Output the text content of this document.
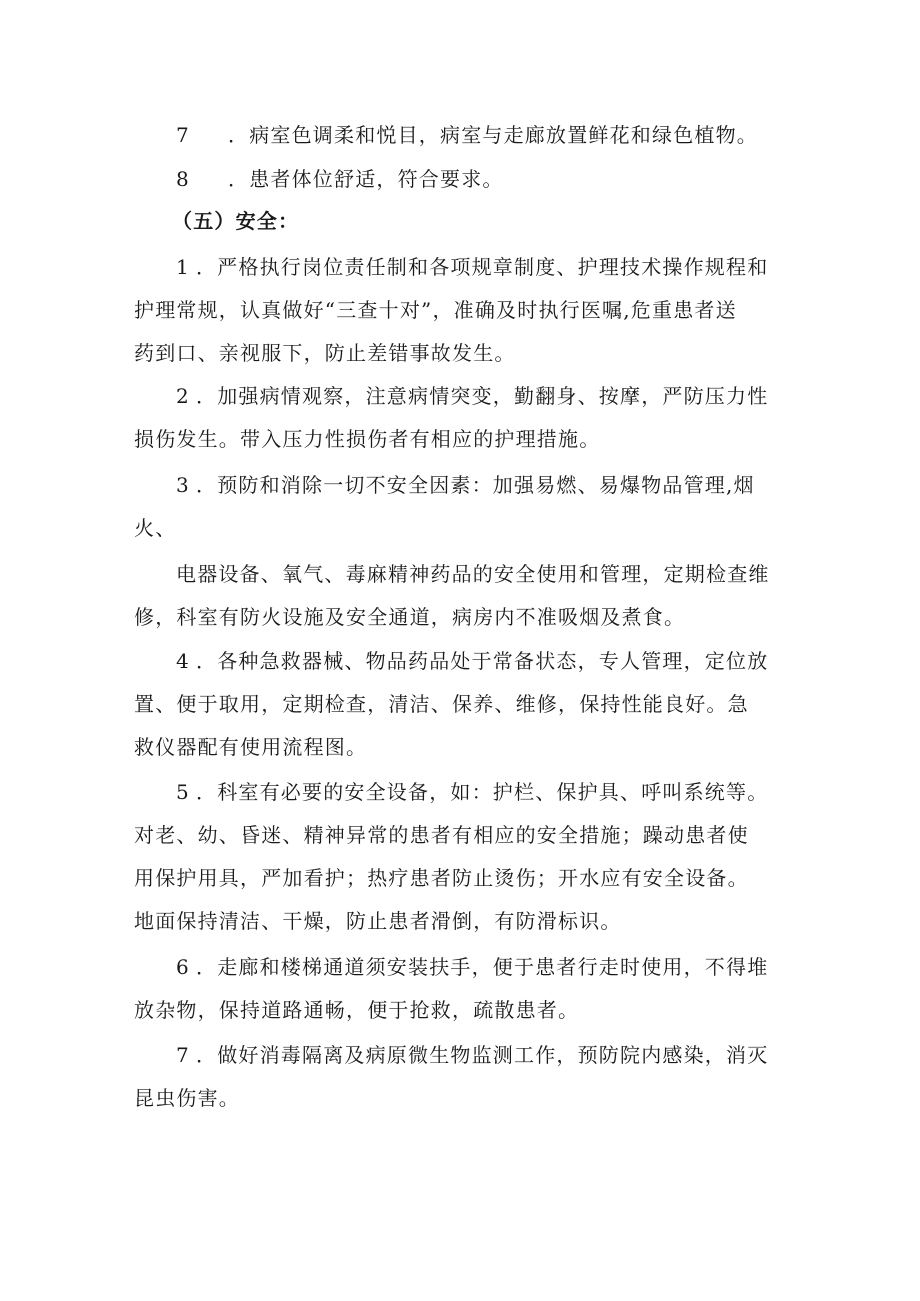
7 ．病室色调柔和悦目，病室与走廊放置鲜花和绿色植物。
8 ．患者体位舒适，符合要求。
（五）安全：
1 ．严格执行岗位责任制和各项规章制度、护理技术操作规程和
护理常规，认真做好“三查十对”，准确及时执行医嘱,危重患者送
药到口、亲视服下，防止差错事故发生。
2 ．加强病情观察，注意病情突变，勤翻身、按摩，严防压力性
损伤发生。带入压力性损伤者有相应的护理措施。
3 ．预防和消除一切不安全因素：加强易燃、易爆物品管理,烟
火、
电器设备、氧气、毒麻精神药品的安全使用和管理，定期检查维
修，科室有防火设施及安全通道，病房内不准吸烟及煮食。
4 ．各种急救器械、物品药品处于常备状态，专人管理，定位放
置、便于取用，定期检查，清洁、保养、维修，保持性能良好。急
救仪器配有使用流程图。
5 ．科室有必要的安全设备，如：护栏、保护具、呼叫系统等。
对老、幼、昏迷、精神异常的患者有相应的安全措施；躁动患者使
用保护用具，严加看护；热疗患者防止烫伤；开水应有安全设备。
地面保持清洁、干燥，防止患者滑倒，有防滑标识。
6 ．走廊和楼梯通道须安装扶手，便于患者行走时使用，不得堆
放杂物，保持道路通畅，便于抢救，疏散患者。
7 ．做好消毒隔离及病原微生物监测工作，预防院内感染，消灭
昆虫伤害。
